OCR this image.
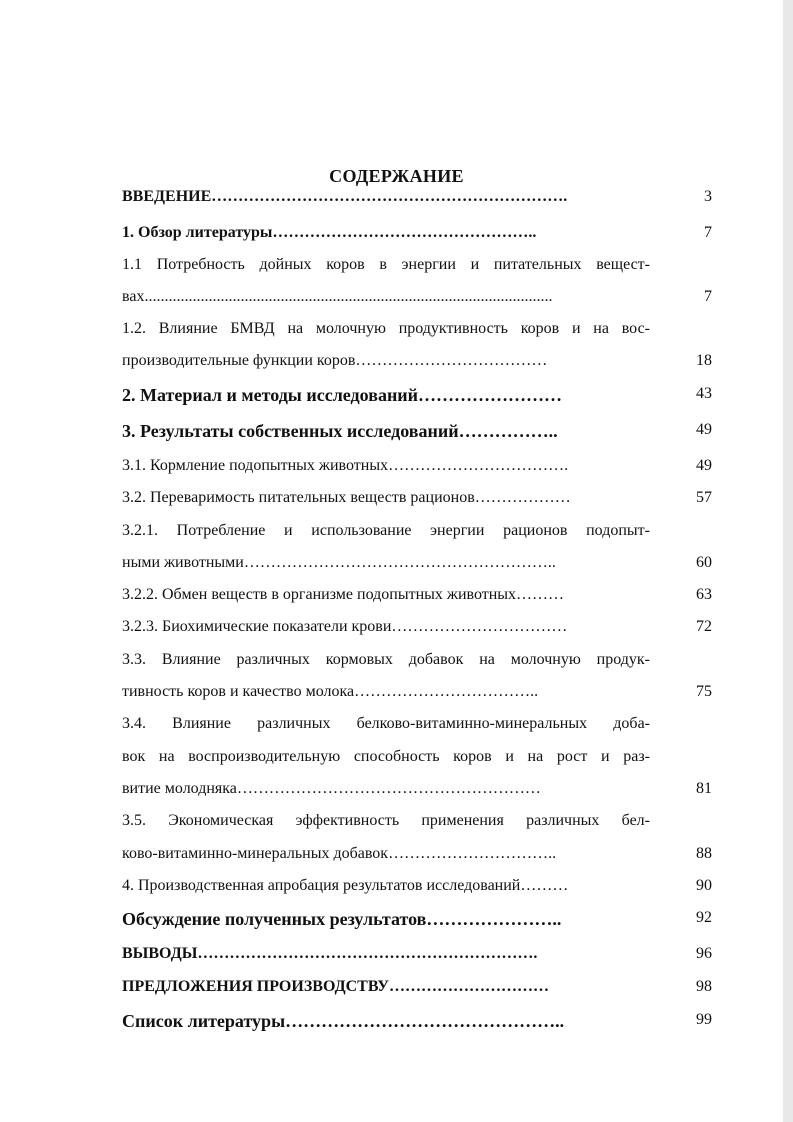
СОДЕРЖАНИЕ
ВВЕДЕНИЕ………………………………………………………….	3
1. Обзор литературы…………………………………………..	7
1.1 Потребность дойных коров в энергии и питательных вещест-
вах......................................................................................................	7
1.2. Влияние БМВД на молочную продуктивность коров и на вос-
производительные функции коров………………………………	18
2. Материал и методы исследований……………………	43
3. Результаты собственных исследований……………..	49
3.1. Кормление подопытных животных…………………………….	49
3.2. Переваримость питательных веществ рационов………………	57
3.2.1. Потребление и использование энергии рационов подопыт-
ными животными…………………………………………………..	60
3.2.2. Обмен веществ в организме подопытных животных………	63
3.2.3. Биохимические показатели крови……………………………	72
3.3. Влияние различных кормовых добавок на молочную продук-
тивность коров и качество молока……………………………..	75
3.4. Влияние различных белково-витаминно-минеральных доба-
вок на воспроизводительную способность коров и на рост и раз-
витие молодняка…………………………………………………	81
3.5. Экономическая эффективность применения различных бел-
ково-витаминно-минеральных добавок…………………………..	88
4. Производственная апробация результатов исследований………	90
Обсуждение полученных результатов…………………..	92
ВЫВОДЫ……………………………………………………….	96
ПРЕДЛОЖЕНИЯ ПРОИЗВОДСТВУ…………………………	98
Список литературы………………………………………..	99
